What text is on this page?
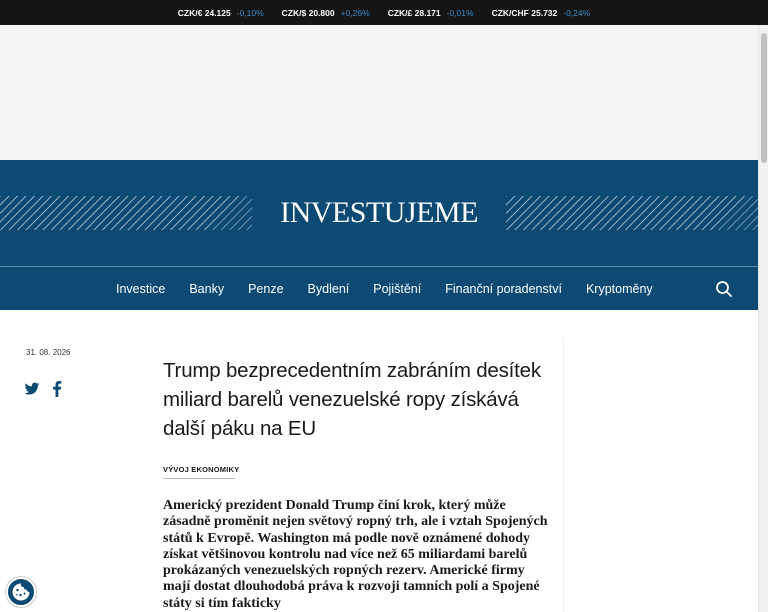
CZK/€ 24.125 -0,10% CZK/$ 20.800 +0,26% CZK/£ 28.171 -0,01% CZK/CHF 25.732 -0,24%
INVESTUJEME
Investice	Banky	Penze	Bydlení	Pojištění	Finanční poradenství	Kryptoměny
31. 08. 2026
Trump bezprecedentním zabráním desítek miliard barelů venezuelské ropy získává další páku na EU
VÝVOJ EKONOMIKY

Americký prezident Donald Trump činí krok, který může zásadně proměnit nejen světový ropný trh, ale i vztah Spojených států k Evropě. Washington má podle nově oznámené dohody získat většinovou kontrolu nad více než 65 miliardami barelů prokázaných venezuelských ropných rezerv. Americké firmy mají dostat dlouhodobá práva k rozvoji tamních polí a Spojené státy si tím fakticky
